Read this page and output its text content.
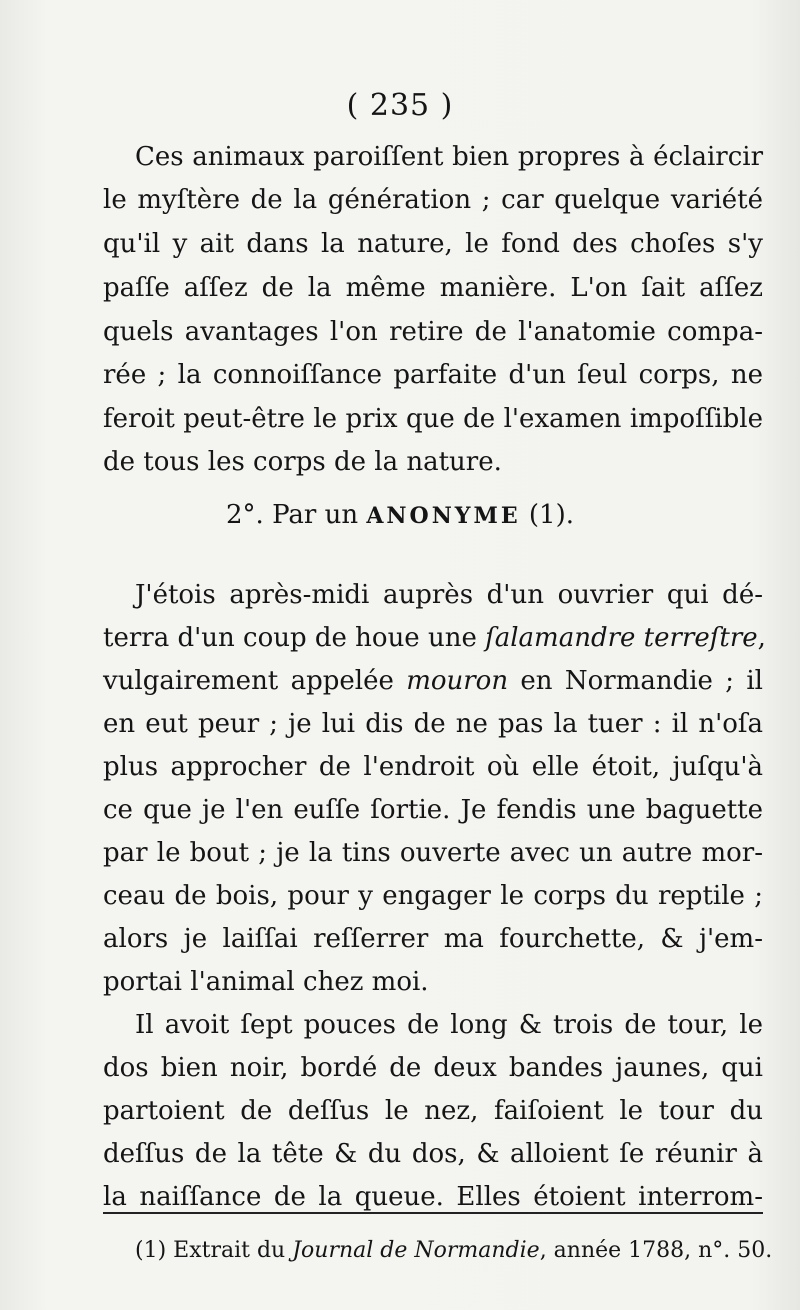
( 235 )
Ces animaux paroiſſent bien propres à éclaircir
le myſtère de la génération ; car quelque variété
qu'il y ait dans la nature, le fond des choſes s'y
paſſe aſſez de la même manière. L'on ſait aſſez
quels avantages l'on retire de l'anatomie compa-
rée ; la connoiſſance parfaite d'un ſeul corps, ne
feroit peut-être le prix que de l'examen impoſſible
de tous les corps de la nature.
2°. Par un ANONYME (1).
J'étois après-midi auprès d'un ouvrier qui dé-
terra d'un coup de houe une ſalamandre terreſtre,
vulgairement appelée mouron en Normandie ; il
en eut peur ; je lui dis de ne pas la tuer : il n'oſa
plus approcher de l'endroit où elle étoit, juſqu'à
ce que je l'en euſſe ſortie. Je fendis une baguette
par le bout ; je la tins ouverte avec un autre mor-
ceau de bois, pour y engager le corps du reptile ;
alors je laiſſai reſſerrer ma fourchette, & j'em-
portai l'animal chez moi.
Il avoit ſept pouces de long & trois de tour, le
dos bien noir, bordé de deux bandes jaunes, qui
partoient de deſſus le nez, faiſoient le tour du
deſſus de la tête & du dos, & alloient ſe réunir à
la naiſſance de la queue. Elles étoient interrom-
(1) Extrait du Journal de Normandie, année 1788, n°. 50.
